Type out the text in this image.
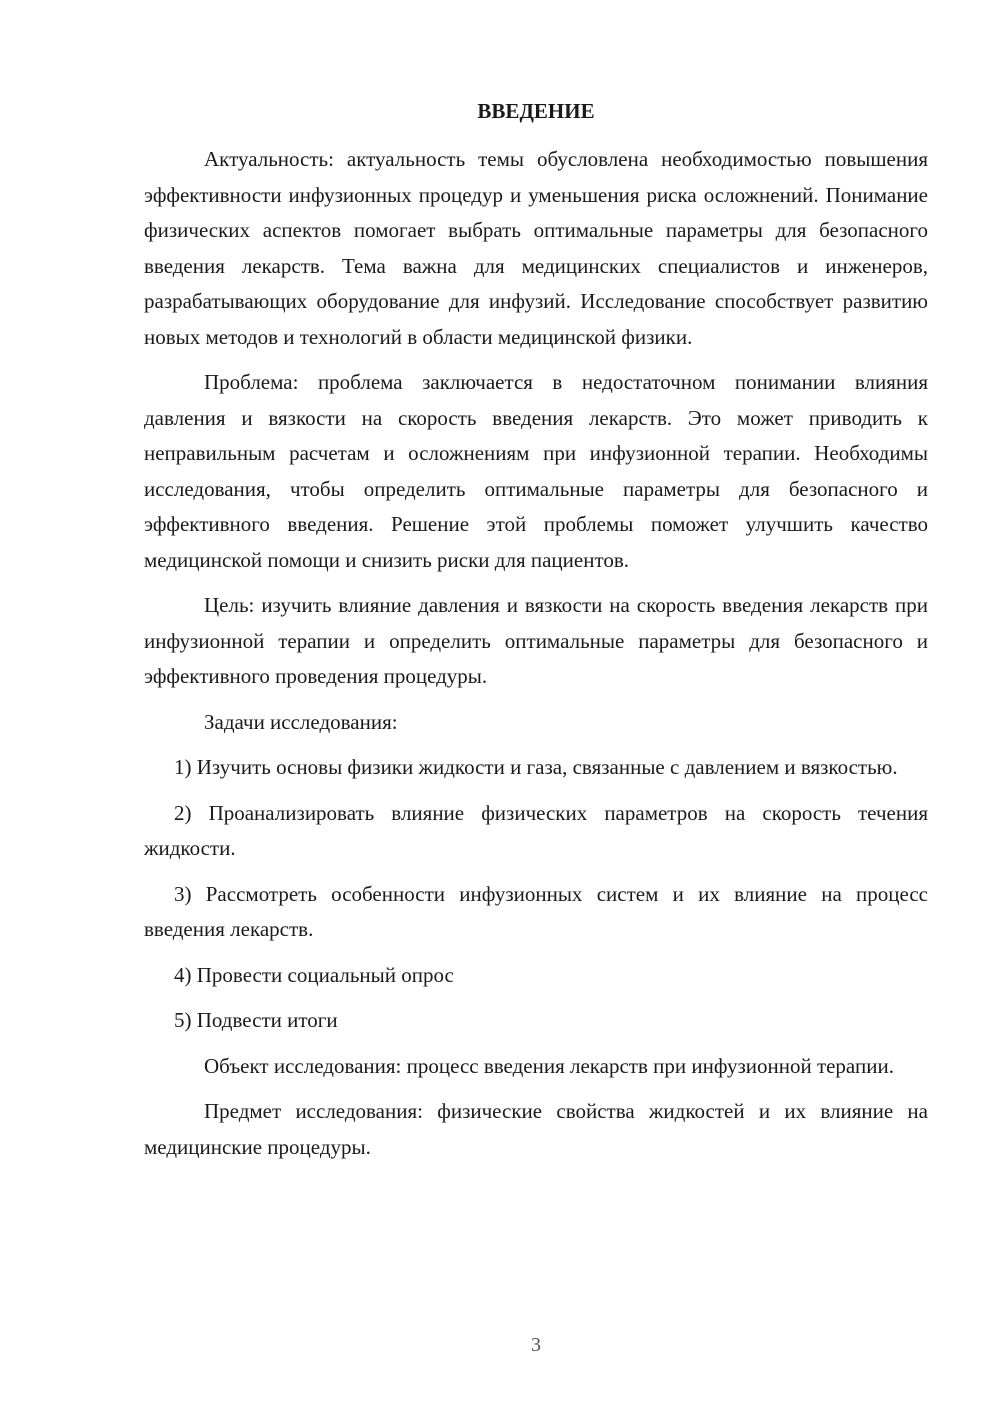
ВВЕДЕНИЕ

Актуальность: актуальность темы обусловлена необходимостью повышения эффективности инфузионных процедур и уменьшения риска осложнений. Понимание физических аспектов помогает выбрать оптимальные параметры для безопасного введения лекарств. Тема важна для медицинских специалистов и инженеров, разрабатывающих оборудование для инфузий. Исследование способствует развитию новых методов и технологий в области медицинской физики.

Проблема: проблема заключается в недостаточном понимании влияния давления и вязкости на скорость введения лекарств. Это может приводить к неправильным расчетам и осложнениям при инфузионной терапии. Необходимы исследования, чтобы определить оптимальные параметры для безопасного и эффективного введения. Решение этой проблемы поможет улучшить качество медицинской помощи и снизить риски для пациентов.

Цель: изучить влияние давления и вязкости на скорость введения лекарств при инфузионной терапии и определить оптимальные параметры для безопасного и эффективного проведения процедуры.

Задачи исследования:

1) Изучить основы физики жидкости и газа, связанные с давлением и вязкостью.

2) Проанализировать влияние физических параметров на скорость течения жидкости.

3) Рассмотреть особенности инфузионных систем и их влияние на процесс введения лекарств.

4) Провести социальный опрос

5) Подвести итоги

Объект исследования: процесс введения лекарств при инфузионной терапии.

Предмет исследования: физические свойства жидкостей и их влияние на медицинские процедуры.

3
